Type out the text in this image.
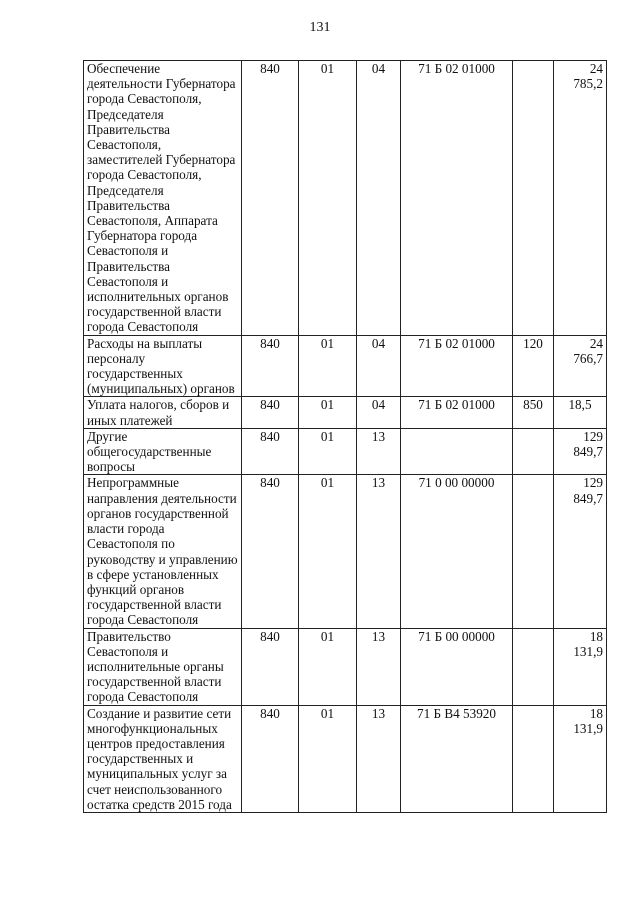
131
Обеспечение деятельности Губернатора города Севастополя, Председателя Правительства Севастополя, заместителей Губернатора города Севастополя, Председателя Правительства Севастополя, Аппарата Губернатора города Севастополя и Правительства Севастополя и исполнительных органов государственной власти города Севастополя	840	01	04	71 Б 02 01000		24 785,2
Расходы на выплаты персоналу государственных (муниципальных) органов	840	01	04	71 Б 02 01000	120	24 766,7
Уплата налогов, сборов и иных платежей	840	01	04	71 Б 02 01000	850	18,5
Другие общегосударственные вопросы	840	01	13			129 849,7
Непрограммные направления деятельности органов государственной власти города Севастополя по руководству и управлению в сфере установленных функций органов государственной власти города Севастополя	840	01	13	71 0 00 00000		129 849,7
Правительство Севастополя и исполнительные органы государственной власти города Севастополя	840	01	13	71 Б 00 00000		18 131,9
Создание и развитие сети многофункциональных центров предоставления государственных и муниципальных услуг за счет неиспользованного остатка средств 2015 года	840	01	13	71 Б В4 53920		18 131,9
